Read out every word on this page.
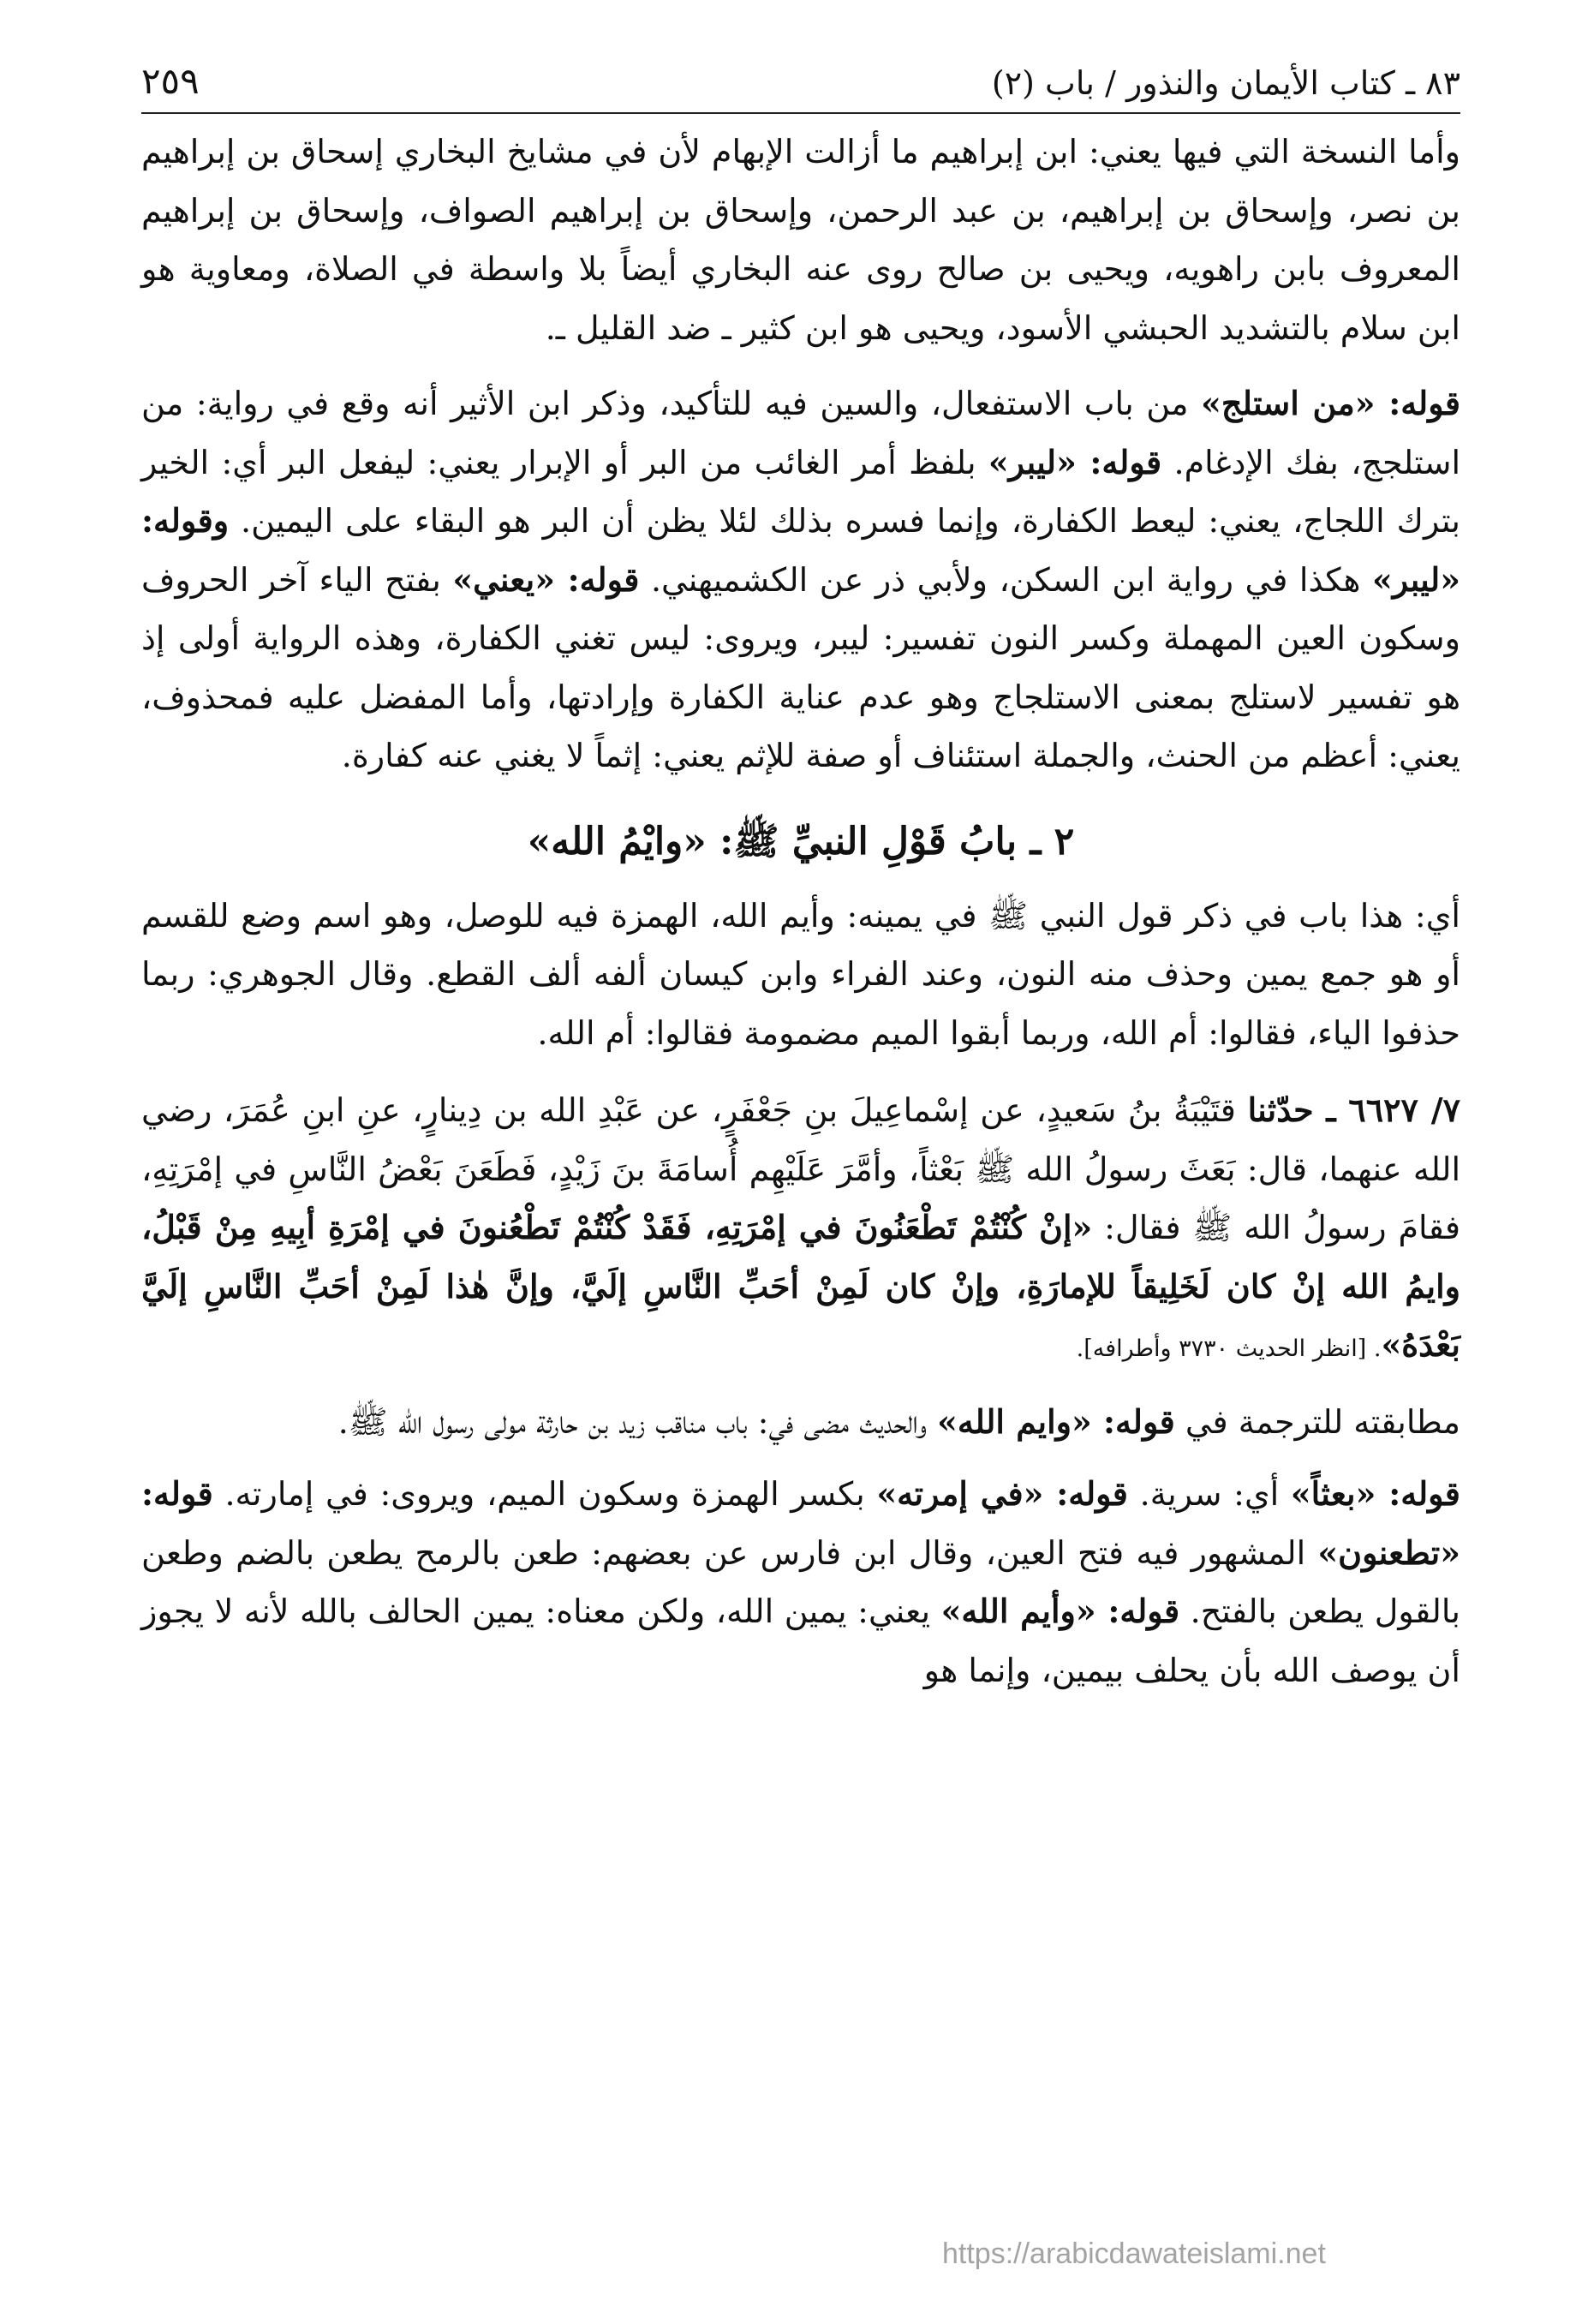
٨٣ ـ كتاب الأيمان والنذور / باب (٢)
٢٥٩

وأما النسخة التي فيها يعني: ابن إبراهيم ما أزالت الإبهام لأن في مشايخ البخاري إسحاق بن إبراهيم بن نصر، وإسحاق بن إبراهيم، بن عبد الرحمن، وإسحاق بن إبراهيم الصواف، وإسحاق بن إبراهيم المعروف بابن راهويه، ويحيى بن صالح روى عنه البخاري أيضاً بلا واسطة في الصلاة، ومعاوية هو ابن سلام بالتشديد الحبشي الأسود، ويحيى هو ابن كثير ـ ضد القليل ـ.

قوله: «من استلج» من باب الاستفعال، والسين فيه للتأكيد، وذكر ابن الأثير أنه وقع في رواية: من استلجج، بفك الإدغام. قوله: «ليبر» بلفظ أمر الغائب من البر أو الإبرار يعني: ليفعل البر أي: الخير بترك اللجاج، يعني: ليعط الكفارة، وإنما فسره بذلك لئلا يظن أن البر هو البقاء على اليمين. وقوله: «ليبر» هكذا في رواية ابن السكن، ولأبي ذر عن الكشميهني. قوله: «يعني» بفتح الياء آخر الحروف وسكون العين المهملة وكسر النون تفسير: ليبر، ويروى: ليس تغني الكفارة، وهذه الرواية أولى إذ هو تفسير لاستلج بمعنى الاستلجاج وهو عدم عناية الكفارة وإرادتها، وأما المفضل عليه فمحذوف، يعني: أعظم من الحنث، والجملة استئناف أو صفة للإثم يعني: إثماً لا يغني عنه كفارة.

٢ ـ بابُ قَوْلِ النبيِّ ﷺ: «وايْمُ الله»

أي: هذا باب في ذكر قول النبي ﷺ في يمينه: وأيم الله، الهمزة فيه للوصل، وهو اسم وضع للقسم أو هو جمع يمين وحذف منه النون، وعند الفراء وابن كيسان ألفه ألف القطع. وقال الجوهري: ربما حذفوا الياء، فقالوا: أم الله، وربما أبقوا الميم مضمومة فقالوا: أم الله.

٧/ ٦٦٢٧ ـ حدّثنا قتَيْبَةُ بنُ سَعيدٍ، عن إسْماعِيلَ بنِ جَعْفَرٍ، عن عَبْدِ الله بن دِينارٍ، عنِ ابنِ عُمَرَ، رضي الله عنهما، قال: بَعَثَ رسولُ الله ﷺ بَعْثاً، وأمَّرَ عَلَيْهِم أُسامَةَ بنَ زَيْدٍ، فَطَعَنَ بَعْضُ النَّاسِ في إمْرَتِهِ، فقامَ رسولُ الله ﷺ فقال: «إنْ كُنْتُمْ تَطْعَنُونَ في إمْرَتِهِ، فَقَدْ كُنْتُمْ تَطْعُنونَ في إمْرَةِ أبِيهِ مِنْ قَبْلُ، وايمُ الله إنْ كان لَخَلِيقاً للإمارَةِ، وإنْ كان لَمِنْ أحَبِّ النَّاسِ إلَيَّ، وإنَّ هٰذا لَمِنْ أحَبِّ النَّاسِ إلَيَّ بَعْدَهُ». [انظر الحديث ٣٧٣٠ وأطرافه].

مطابقته للترجمة في قوله: «وايم الله» والحديث مضى في: باب مناقب زيد بن حارثة مولى رسول الله ﷺ.

قوله: «بعثاً» أي: سرية. قوله: «في إمرته» بكسر الهمزة وسكون الميم، ويروى: في إمارته. قوله: «تطعنون» المشهور فيه فتح العين، وقال ابن فارس عن بعضهم: طعن بالرمح يطعن بالضم وطعن بالقول يطعن بالفتح. قوله: «وأيم الله» يعني: يمين الله، ولكن معناه: يمين الحالف بالله لأنه لا يجوز أن يوصف الله بأن يحلف بيمين، وإنما هو

https://arabicdawateislami.net
